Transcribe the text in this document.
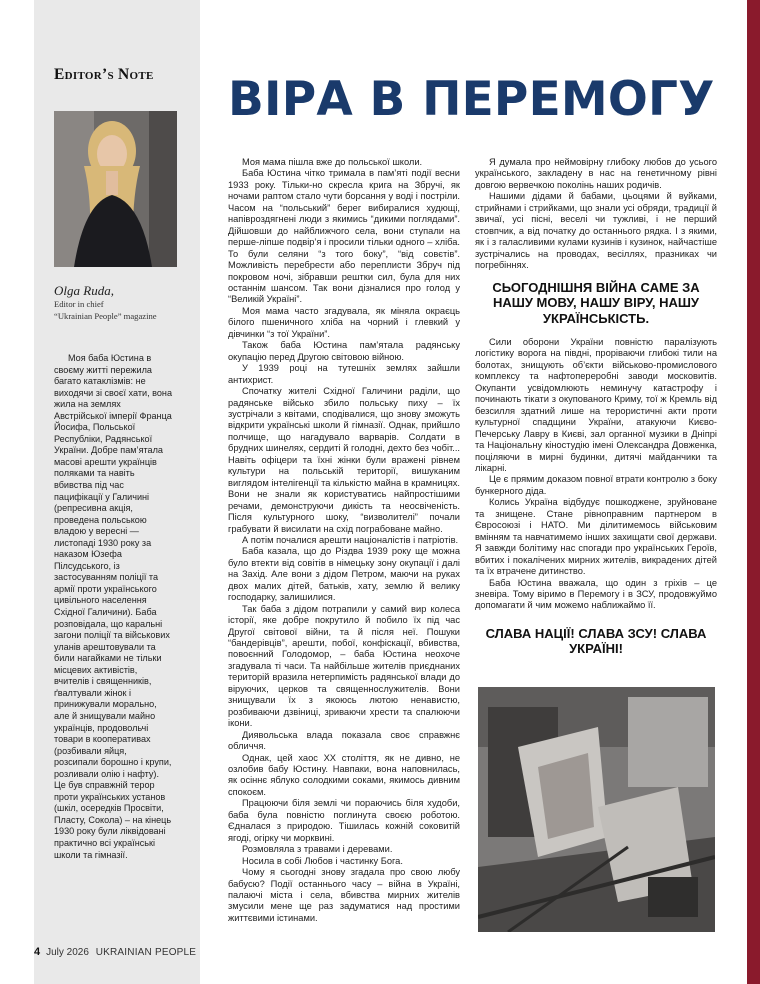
Editor’s Note
Olga Ruda,
Editor in chief
“Ukrainian People” magazine

Моя баба Юстина в своєму житті пережила багато катаклізмів: не виходячи зі своєї хати, вона жила на землях Австрійської імперії Франца Йосифа, Польської Республіки, Радянської України. Добре пам’ятала масові арешти українців поляками та навіть вбивства під час пацифікації у Галичині (репресивна акція, проведена польською владою у вересні — листопаді 1930 року за наказом Юзефа Пілсудського, із застосуванням поліції та армії проти українського цивільного населення Східної Галичини). Баба розповідала, що каральні загони поліції та військових уланів арештовували та били нагайками не тільки місцевих активістів, вчителів і священників, ґвалтували жінок і принижували морально, але й знищували майно українців, продовольчі товари в кооперативах (розбивали яйця, розсипали борошно і крупи, розливали олію і нафту). Це був справжній терор проти українських установ (шкіл, осередків Просвіти, Пласту, Сокола) – на кінець 1930 року були ліквідовані практично всі українські школи та гімназії.

ВІРА В ПЕРЕМОГУ

Моя мама пішла вже до польської школи.

Баба Юстина чітко тримала в пам’яті події весни 1933 року. Тільки-но скресла крига на Збручі, як ночами раптом стало чути борсання у воді і постріли. Часом на “польський” берег вибиралися худющі, напівроздягнені люди з якимись “дикими поглядами”. Дійшовши до найближчого села, вони ступали на перше-ліпше подвір’я і просили тільки одного – хліба. То були селяни “з того боку”, “від совєтів”. Можливість перебрести або переплисти Збруч під покровом ночі, зібравши рештки сил, була для них останнім шансом. Так вони дізналися про голод у “Великій Україні”.

Моя мама часто згадувала, як міняла окраєць білого пшеничного хліба на чорний і глевкий у дівчинки “з тої України”.

Також баба Юстина пам’ятала радянську окупацію перед Другою світовою війною.

У 1939 році на тутешніх землях зайшли антихрист.

Спочатку жителі Східної Галичини раділи, що радянське військо збило польську пиху – їх зустрічали з квітами, сподівалися, що знову зможуть відкрити українські школи й гімназії. Однак, прийшло полчище, що нагадувало варварів. Солдати в брудних шинелях, сердиті й голодні, дехто без чобіт... Навіть офіцери та їхні жінки були вражені рівнем культури на польській території, вишуканим виглядом інтелігенції та кількістю майна в крамницях. Вони не знали як користуватись найпростішими речами, демонструючи дикість та неосвіченість. Після культурного шоку, “визволителі” почали грабувати й висилати на схід пограбоване майно.

А потім почалися арешти націоналістів і патріотів.

Баба казала, що до Різдва 1939 року ще можна було втекти від совітів в німецьку зону окупації і далі на Захід. Але вони з дідом Петром, маючи на руках двох малих дітей, батьків, хату, землю й велику господарку, залишилися.

Так баба з дідом потрапили у самий вир колеса історії, яке добре покрутило й побило їх під час Другої світової війни, та й після неї. Пошуки “бандерівців”, арешти, побої, конфіскації, вбивства, повоєнний Голодомор, – баба Юстина неохоче згадувала ті часи. Та найбільше жителів приєднаних територій вразила нетерпимість радянської влади до віруючих, церков та священнослужителів. Вони знищували їх з якоюсь лютою ненавистю, розбиваючи дзвіниці, зриваючи хрести та спалюючи ікони.

Диявольська влада показала своє справжнє обличчя.

Однак, цей хаос ХХ століття, як не дивно, не озлобив бабу Юстину. Навпаки, вона наповнилась, як осіннє яблуко солодкими соками, якимось дивним спокоєм.

Працюючи біля землі чи пораючись біля худоби, баба була повністю поглинута своєю роботою. Єдналася з природою. Тішилась кожній соковитій ягоді, огірку чи морквині.

Розмовляла з травами і деревами.

Носила в собі Любов і частинку Бога.

Чому я сьогодні знову згадала про свою любу бабусю? Події останнього часу – війна в Україні, палаючі міста і села, вбивства мирних жителів змусили мене ще раз задуматися над простими життєвими істинами.

Я думала про неймовірну глибоку любов до усього українського, закладену в нас на генетичному рівні довгою вервечкою поколінь наших родичів.

Нашими дідами й бабами, цьоцями й вуйками, стрийнами і стрийками, що знали усі обряди, традиції й звичаї, усі пісні, веселі чи тужливі, і не перший стовпчик, а від початку до останнього рядка. І з якими, як і з галасливими кулами кузинів і кузинок, найчастіше зустрічались на проводах, весіллях, празниках чи погребіннях.

СЬОГОДНІШНЯ ВІЙНА САМЕ ЗА НАШУ МОВУ, НАШУ ВІРУ, НАШУ УКРАЇНСЬКІСТЬ.

Сили оборони України повністю паралізують логістику ворога на півдні, проріваючи глибокі тили на болотах, знищують об’єкти військово-промислового комплексу та нафтопереробні заводи московитів. Окупанти усвідомлюють неминучу катастрофу і починають тікати з окупованого Криму, тої ж Кремль від безсилля здатний лише на терористичні акти проти культурної спадщини України, атакуючи Києво-Печерську Лавру в Києві, зал органної музики в Дніпрі та Національну кіностудію імені Олександра Довженка, поціляючи в мирні будинки, дитячі майданчики та лікарні.

Це є прямим доказом повної втрати контролю з боку бункерного діда.

Колись Україна відбудує пошкоджене, зруйноване та знищене. Стане рівноправним партнером в Євросоюзі і НАТО. Ми ділитимемось військовим вмінням та навчатимемо інших захищати свої держави. Я завжди болітиму нас спогади про українських Героїв, вбитих і покалічених мирних жителів, викрадених дітей та їх втрачене дитинство.

Баба Юстина вважала, що один з гріхів – це зневіра. Тому віримо в Перемогу і в ЗСУ, продовжуймо допомагати й чим можемо наближаймо її.

СЛАВА НАЦІЇ! СЛАВА ЗСУ! СЛАВА УКРАЇНІ!
4 July 2026 UKRAINIAN PEOPLE
